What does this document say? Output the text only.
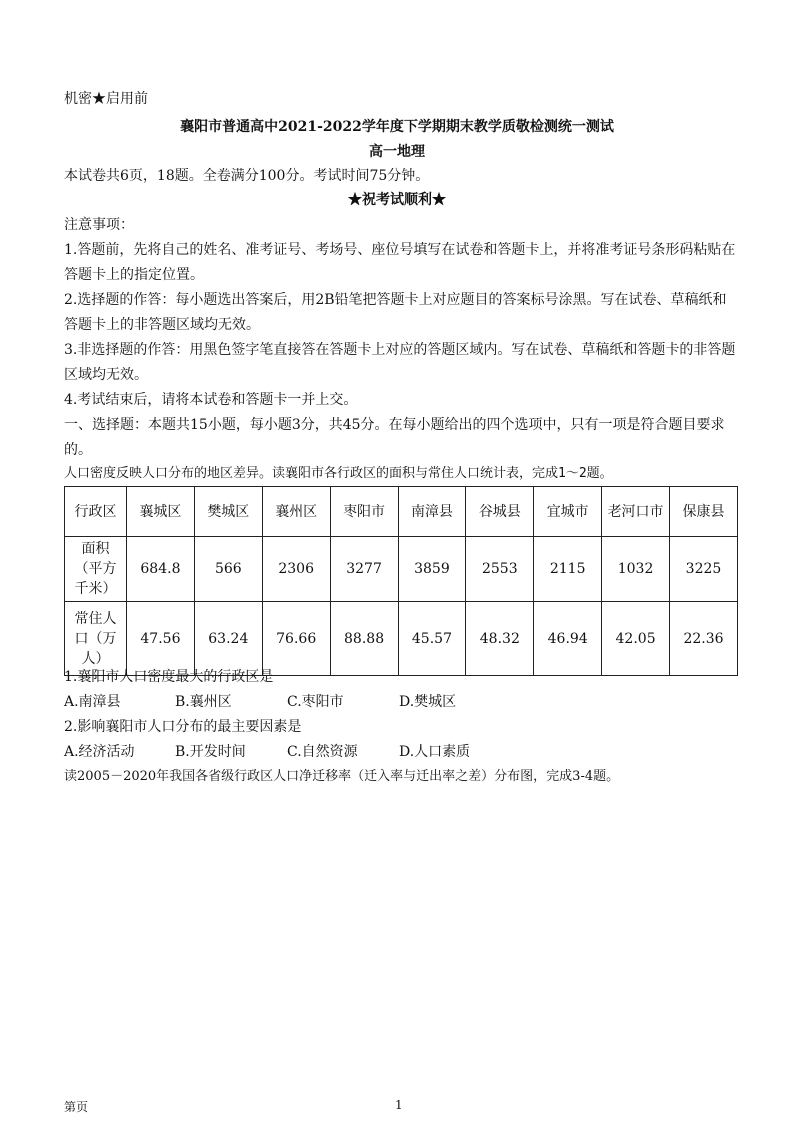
机密★启用前
襄阳市普通高中2021-2022学年度下学期期末教学质敬检测统一测试
高一地理
本试卷共6页，18题。全卷满分100分。考试时间75分钟。
★祝考试顺利★
注意事项：
1.答题前，先将自己的姓名、准考证号、考场号、座位号填写在试卷和答题卡上，并将准考证号条形码粘贴在
答题卡上的指定位置。
2.选择题的作答：每小题选出答案后，用2B铅笔把答题卡上对应题目的答案标号涂黑。写在试卷、草稿纸和
答题卡上的非答题区域均无效。
3.非选择题的作答：用黑色签字笔直接答在答题卡上对应的答题区域内。写在试卷、草稿纸和答题卡的非答题
区域均无效。
4.考试结束后，请将本试卷和答题卡一并上交。
一、选择题：本题共15小题，每小题3分，共45分。在每小题给出的四个选项中，只有一项是符合题目要求
的。
人口密度反映人口分布的地区差异。读襄阳市各行政区的面积与常住人口统计表，完成1～2题。
行政区	襄城区	樊城区	襄州区	枣阳市	南漳县	谷城县	宜城市	老河口市	保康县
面积（平方千米）	684.8	566	2306	3277	3859	2553	2115	1032	3225
常住人口（万人）	47.56	63.24	76.66	88.88	45.57	48.32	46.94	42.05	22.36
1.襄阳市人口密度最大的行政区是
A.南漳县	B.襄州区	C.枣阳市	D.樊城区
2.影响襄阳市人口分布的最主要因素是
A.经济活动	B.开发时间	C.自然资源	D.人口素质
读2005－2020年我国各省级行政区人口净迁移率（迁入率与迁出率之差）分布图，完成3-4题。
第页	1
